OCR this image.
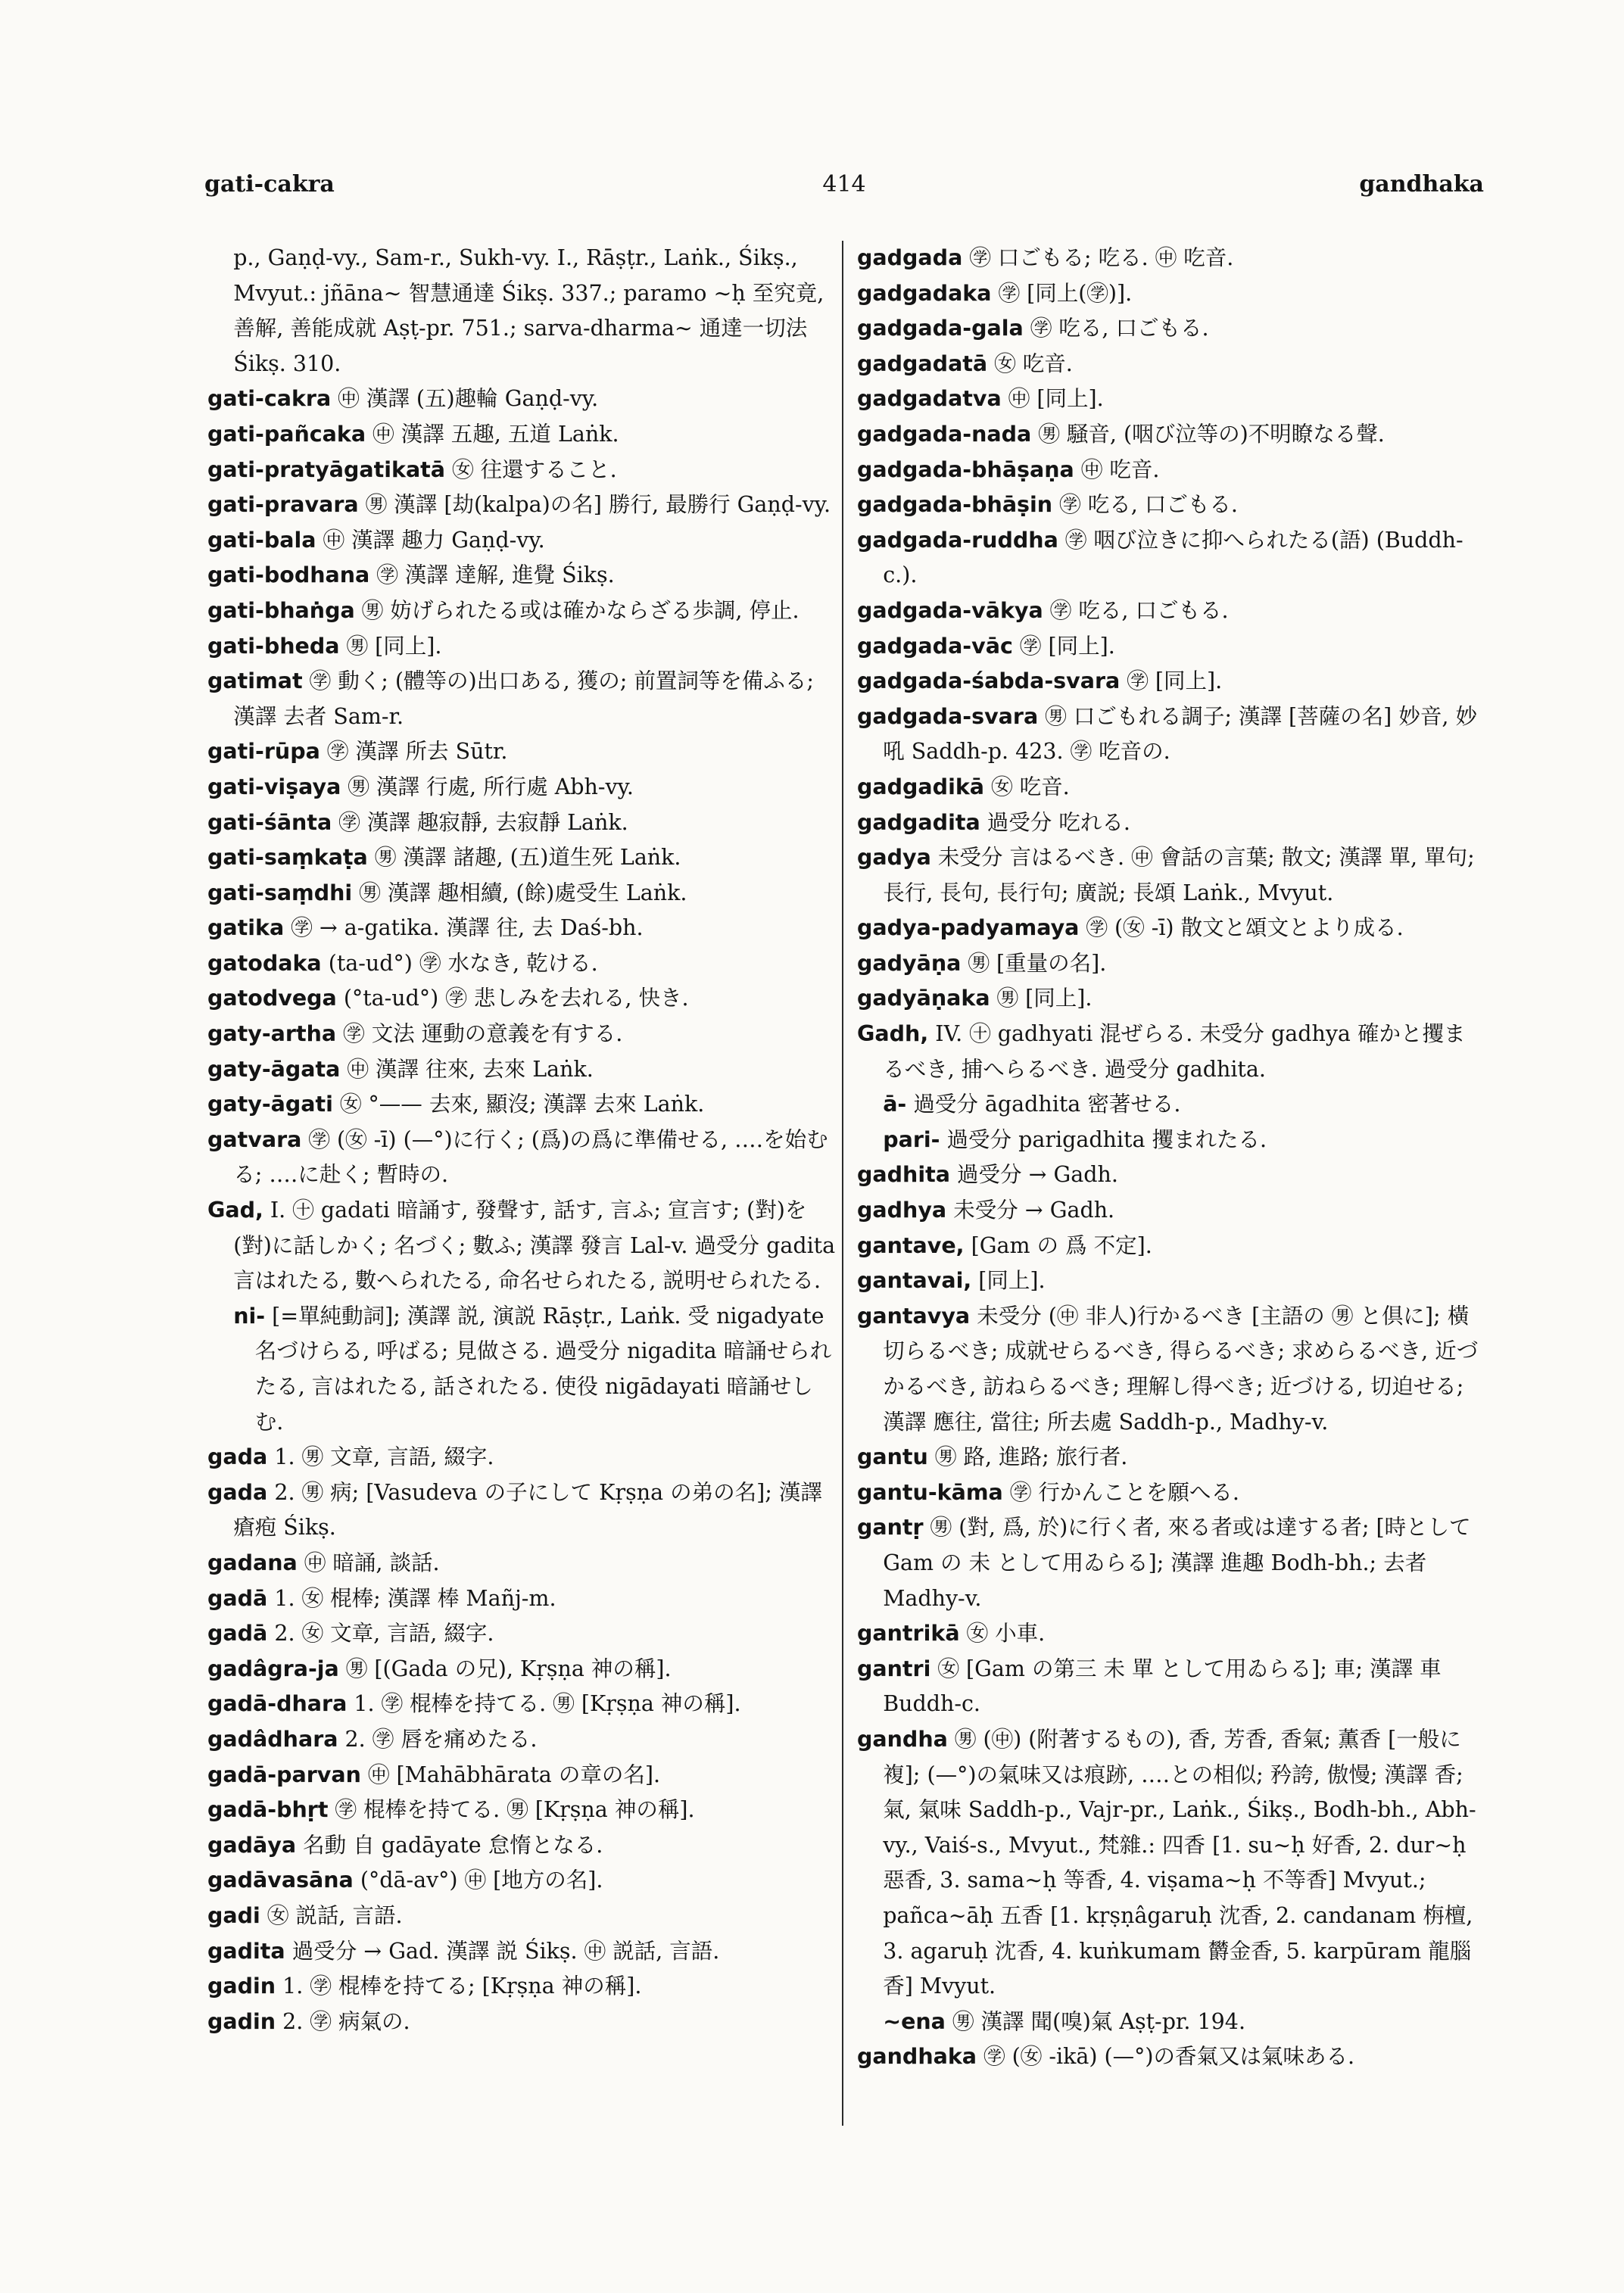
gati-cakra	414	gandhaka
p., Gaṇḍ-vy., Sam-r., Sukh-vy. I., Rāṣṭr., Laṅk., Śikṣ., Mvyut.: jñāna∼ 智慧通達 Śikṣ. 337.; paramo ∼ḥ 至究竟, 善解, 善能成就 Aṣṭ-pr. 751.; sarva-dharma∼ 通達一切法 Śikṣ. 310.
gati-cakra ㊥ 漢譯 (五)趣輪 Gaṇḍ-vy.
gati-pañcaka ㊥ 漢譯 五趣, 五道 Laṅk.
gati-pratyāgatikatā ㊛ 往還すること.
gati-pravara ㊚ 漢譯 [劫(kalpa)の名] 勝行, 最勝行 Gaṇḍ-vy.
gati-bala ㊥ 漢譯 趣力 Gaṇḍ-vy.
gati-bodhana ㊫ 漢譯 達解, 進覺 Śikṣ.
gati-bhaṅga ㊚ 妨げられたる或は確かならざる歩調, 停止.
gati-bheda ㊚ [同上].
gatimat ㊫ 動く; (體等の)出口ある, 獲の; 前置詞等を備ふる; 漢譯 去者 Sam-r.
gati-rūpa ㊫ 漢譯 所去 Sūtr.
gati-viṣaya ㊚ 漢譯 行處, 所行處 Abh-vy.
gati-śānta ㊫ 漢譯 趣寂靜, 去寂靜 Laṅk.
gati-saṃkaṭa ㊚ 漢譯 諸趣, (五)道生死 Laṅk.
gati-saṃdhi ㊚ 漢譯 趣相續, (餘)處受生 Laṅk.
gatika ㊫ → a-gatika. 漢譯 往, 去 Daś-bh.
gatodaka (ta-ud°) ㊫ 水なき, 乾ける.
gatodvega (°ta-ud°) ㊫ 悲しみを去れる, 快き.
gaty-artha ㊫ 文法 運動の意義を有する.
gaty-āgata ㊥ 漢譯 往來, 去來 Laṅk.
gaty-āgati ㊛ °—— 去來, 顯沒; 漢譯 去來 Laṅk.
gatvara ㊫ (㊛ -ī) (—°)に行く; (爲)の爲に準備せる, ‥‥を始むる; ‥‥に赴く; 暫時の.
Gad, I. ㊉ gadati 暗誦す, 發聲す, 話す, 言ふ; 宣言す; (對)を(對)に話しかく; 名づく; 數ふ; 漢譯 發言 Lal-v. 過受分 gadita 言はれたる, 數へられたる, 命名せられたる, 説明せられたる.
ni- [=單純動詞]; 漢譯 説, 演説 Rāṣṭr., Laṅk. 受 nigadyate 名づけらる, 呼ばる; 見做さる. 過受分 nigadita 暗誦せられたる, 言はれたる, 話されたる. 使役 nigādayati 暗誦せしむ.
gada 1. ㊚ 文章, 言語, 綴字.
gada 2. ㊚ 病; [Vasudeva の子にして Kṛṣṇa の弟の名]; 漢譯 瘡疱 Śikṣ.
gadana ㊥ 暗誦, 談話.
gadā 1. ㊛ 棍棒; 漢譯 棒 Mañj-m.
gadā 2. ㊛ 文章, 言語, 綴字.
gadâgra-ja ㊚ [(Gada の兄), Kṛṣṇa 神の稱].
gadā-dhara 1. ㊫ 棍棒を持てる. ㊚ [Kṛṣṇa 神の稱].
gadâdhara 2. ㊫ 唇を痛めたる.
gadā-parvan ㊥ [Mahābhārata の章の名].
gadā-bhṛt ㊫ 棍棒を持てる. ㊚ [Kṛṣṇa 神の稱].
gadāya 名動 自 gadāyate 怠惰となる.
gadāvasāna (°dā-av°) ㊥ [地方の名].
gadi ㊛ 説話, 言語.
gadita 過受分 → Gad. 漢譯 説 Śikṣ. ㊥ 説話, 言語.
gadin 1. ㊫ 棍棒を持てる; [Kṛṣṇa 神の稱].
gadin 2. ㊫ 病氣の.
gadgada ㊫ 口ごもる; 吃る. ㊥ 吃音.
gadgadaka ㊫ [同上(㊫)].
gadgada-gala ㊫ 吃る, 口ごもる.
gadgadatā ㊛ 吃音.
gadgadatva ㊥ [同上].
gadgada-nada ㊚ 騒音, (咽び泣等の)不明瞭なる聲.
gadgada-bhāṣaṇa ㊥ 吃音.
gadgada-bhāṣin ㊫ 吃る, 口ごもる.
gadgada-ruddha ㊫ 咽び泣きに抑へられたる(語) (Buddh-c.).
gadgada-vākya ㊫ 吃る, 口ごもる.
gadgada-vāc ㊫ [同上].
gadgada-śabda-svara ㊫ [同上].
gadgada-svara ㊚ 口ごもれる調子; 漢譯 [菩薩の名] 妙音, 妙吼 Saddh-p. 423. ㊫ 吃音の.
gadgadikā ㊛ 吃音.
gadgadita 過受分 吃れる.
gadya 未受分 言はるべき. ㊥ 會話の言葉; 散文; 漢譯 單, 單句; 長行, 長句, 長行句; 廣説; 長頌 Laṅk., Mvyut.
gadya-padyamaya ㊫ (㊛ -ī) 散文と頌文とより成る.
gadyāṇa ㊚ [重量の名].
gadyāṇaka ㊚ [同上].
Gadh, IV. ㊉ gadhyati 混ぜらる. 未受分 gadhya 確かと攫まるべき, 捕へらるべき. 過受分 gadhita.
ā- 過受分 āgadhita 密著せる.
pari- 過受分 parigadhita 攫まれたる.
gadhita 過受分 → Gadh.
gadhya 未受分 → Gadh.
gantave, [Gam の 爲 不定].
gantavai, [同上].
gantavya 未受分 (㊥ 非人)行かるべき [主語の ㊚ と倶に]; 橫切らるべき; 成就せらるべき, 得らるべき; 求めらるべき, 近づかるべき, 訪ねらるべき; 理解し得べき; 近づける, 切迫せる; 漢譯 應往, 當往; 所去處 Saddh-p., Madhy-v.
gantu ㊚ 路, 進路; 旅行者.
gantu-kāma ㊫ 行かんことを願へる.
gantṛ ㊚ (對, 爲, 於)に行く者, 來る者或は達する者; [時として Gam の 未 として用ゐらる]; 漢譯 進趣 Bodh-bh.; 去者 Madhy-v.
gantrikā ㊛ 小車.
gantri ㊛ [Gam の第三 未 單 として用ゐらる]; 車; 漢譯 車 Buddh-c.
gandha ㊚ (㊥) (附著するもの), 香, 芳香, 香氣; 薫香 [一般に 複]; (—°)の氣味又は痕跡, ‥‥との相似; 矜誇, 傲慢; 漢譯 香; 氣, 氣味 Saddh-p., Vajr-pr., Laṅk., Śikṣ., Bodh-bh., Abh-vy., Vaiś-s., Mvyut., 梵雜.: 四香 [1. su∼ḥ 好香, 2. dur∼ḥ 惡香, 3. sama∼ḥ 等香, 4. viṣama∼ḥ 不等香] Mvyut.; pañca∼āḥ 五香 [1. kṛṣṇâgaruḥ 沈香, 2. candanam 栴檀, 3. agaruḥ 沈香, 4. kuṅkumam 欝金香, 5. karpūram 龍腦香] Mvyut.
∼ena ㊚ 漢譯 聞(嗅)氣 Aṣṭ-pr. 194.
gandhaka ㊫ (㊛ -ikā) (—°)の香氣又は氣味ある.
